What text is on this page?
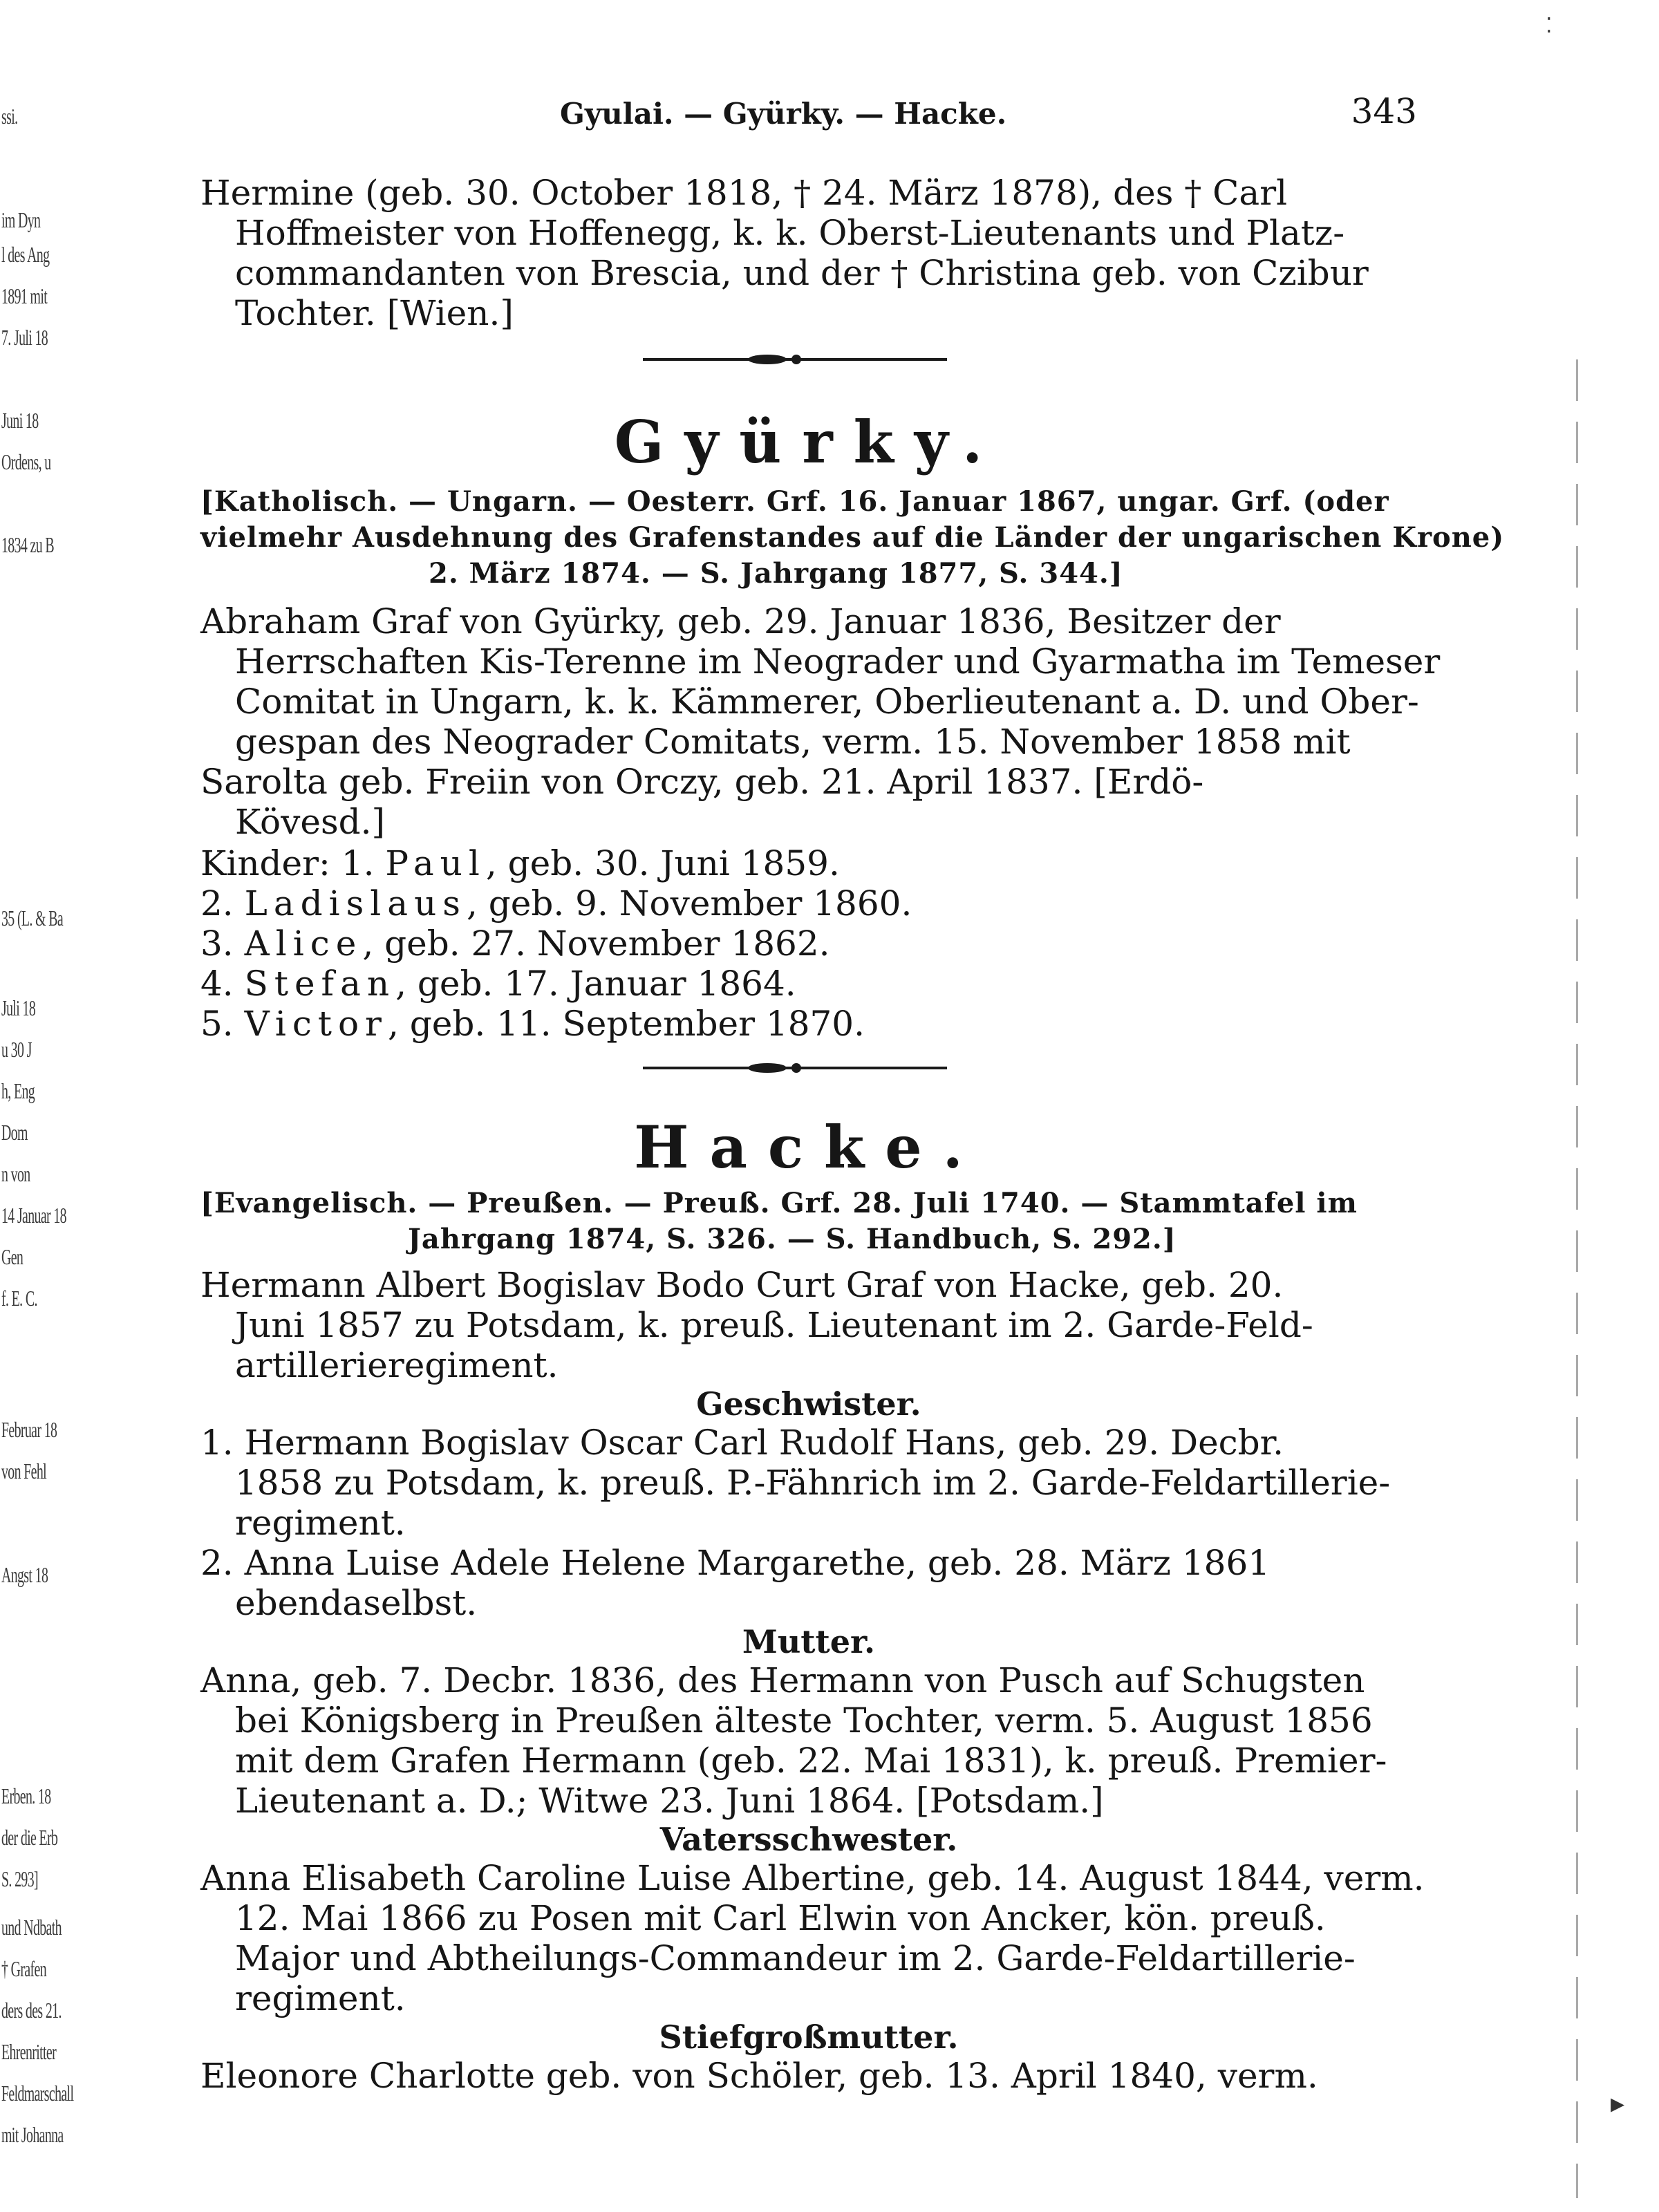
ssi.
im Dyn
l des Ang
1891 mit
7. Juli 18
Juni 18
Ordens, u
1834 zu B
35 (L. & Ba
Juli 18
u 30 J
h, Eng
Dom
n von
14 Januar 18
Gen
f. E. C.
Februar 18
von Fehl
Angst 18
Erben. 18
der die Erb
S. 293]
und Ndbath
† Grafen
ders des 21.
Ehrenritter
Feldmarschall
mit Johanna
⁚
▸
Gyulai. — Gyürky. — Hacke.	343
Hermine (geb. 30. October 1818, † 24. März 1878), des † Carl
Hoffmeister von Hoffenegg, k. k. Oberst-Lieutenants und Platz-
commandanten von Brescia, und der † Christina geb. von Czibur
Tochter. [Wien.]
Gyürky.
[Katholisch. — Ungarn. — Oesterr. Grf. 16. Januar 1867, ungar. Grf. (oder
vielmehr Ausdehnung des Grafenstandes auf die Länder der ungarischen Krone)
2. März 1874. — S. Jahrgang 1877, S. 344.]
Abraham Graf von Gyürky, geb. 29. Januar 1836, Besitzer der
Herrschaften Kis-Terenne im Neograder und Gyarmatha im Temeser
Comitat in Ungarn, k. k. Kämmerer, Oberlieutenant a. D. und Ober-
gespan des Neograder Comitats, verm. 15. November 1858 mit
Sarolta geb. Freiin von Orczy, geb. 21. April 1837. [Erdö-
Kövesd.]
Kinder: 1. Paul, geb. 30. Juni 1859.
2. Ladislaus, geb. 9. November 1860.
3. Alice, geb. 27. November 1862.
4. Stefan, geb. 17. Januar 1864.
5. Victor, geb. 11. September 1870.
Hacke.
[Evangelisch. — Preußen. — Preuß. Grf. 28. Juli 1740. — Stammtafel im
Jahrgang 1874, S. 326. — S. Handbuch, S. 292.]
Hermann Albert Bogislav Bodo Curt Graf von Hacke, geb. 20.
Juni 1857 zu Potsdam, k. preuß. Lieutenant im 2. Garde-Feld-
artillerieregiment.
Geschwister.
1. Hermann Bogislav Oscar Carl Rudolf Hans, geb. 29. Decbr.
1858 zu Potsdam, k. preuß. P.-Fähnrich im 2. Garde-Feldartillerie-
regiment.
2. Anna Luise Adele Helene Margarethe, geb. 28. März 1861
ebendaselbst.
Mutter.
Anna, geb. 7. Decbr. 1836, des Hermann von Pusch auf Schugsten
bei Königsberg in Preußen älteste Tochter, verm. 5. August 1856
mit dem Grafen Hermann (geb. 22. Mai 1831), k. preuß. Premier-
Lieutenant a. D.; Witwe 23. Juni 1864. [Potsdam.]
Vatersschwester.
Anna Elisabeth Caroline Luise Albertine, geb. 14. August 1844, verm.
12. Mai 1866 zu Posen mit Carl Elwin von Ancker, kön. preuß.
Major und Abtheilungs-Commandeur im 2. Garde-Feldartillerie-
regiment.
Stiefgroßmutter.
Eleonore Charlotte geb. von Schöler, geb. 13. April 1840, verm.
